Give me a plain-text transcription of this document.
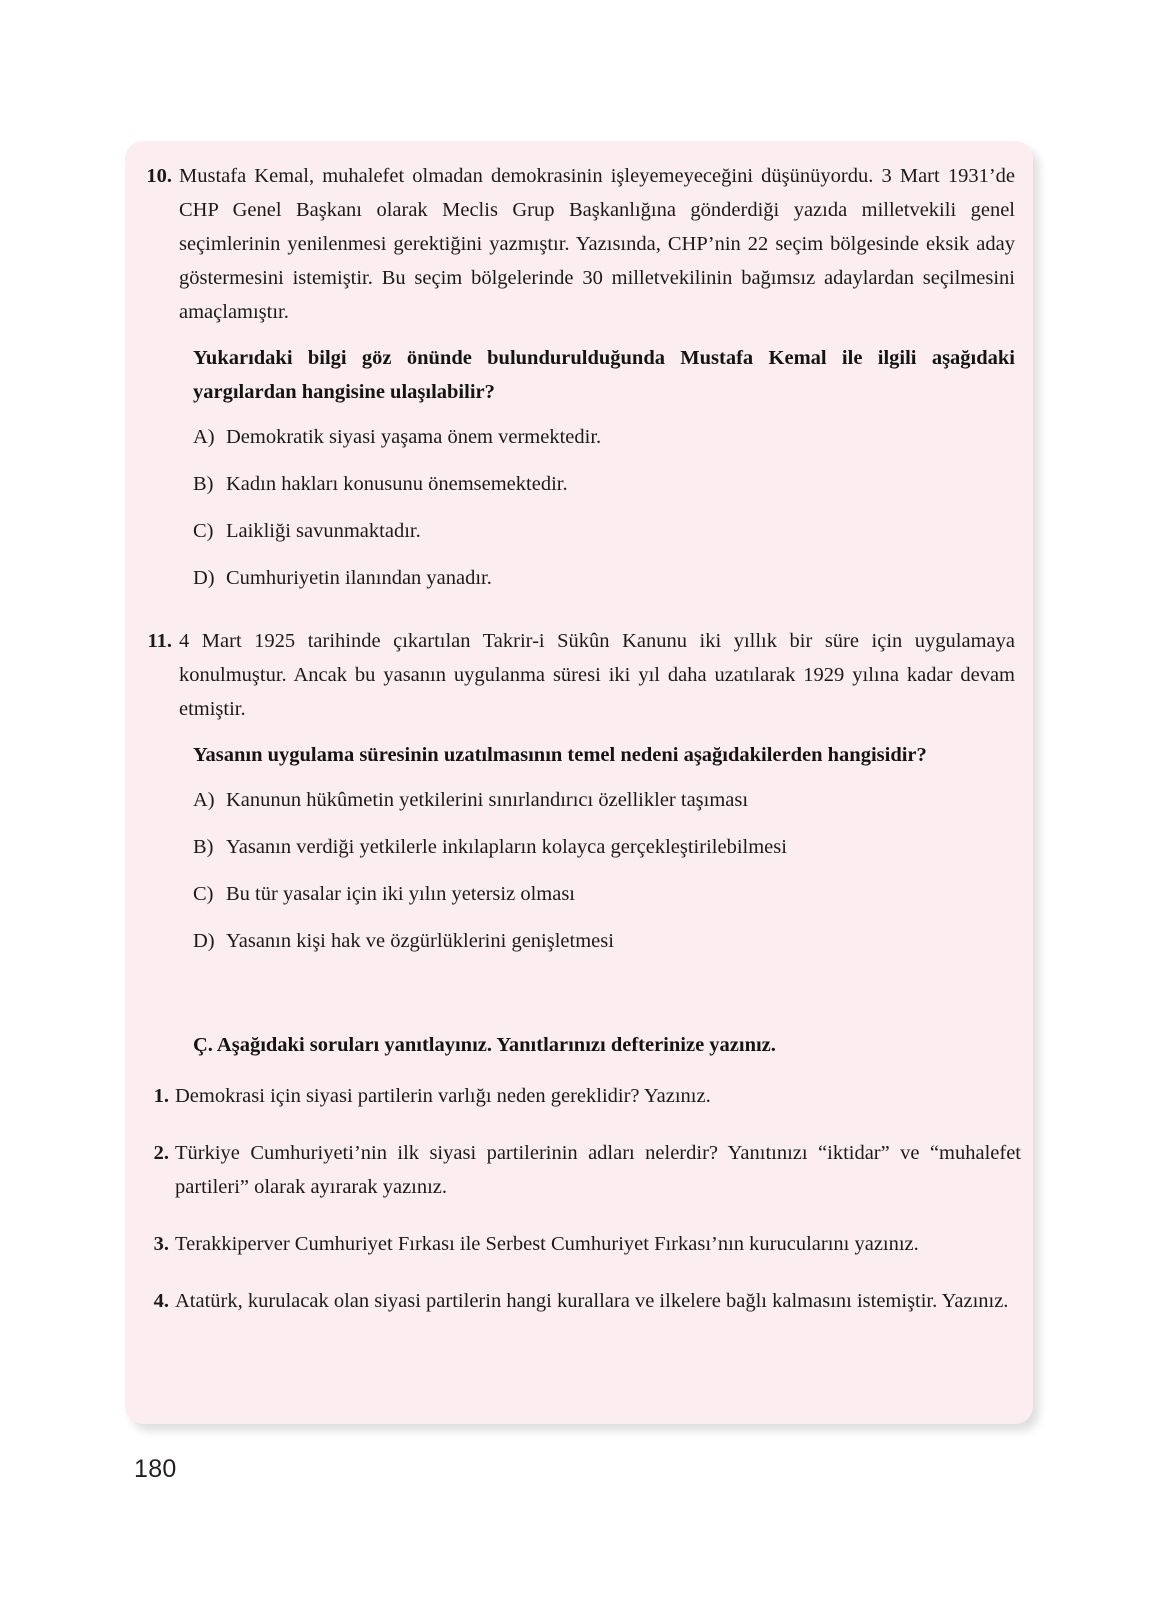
10. Mustafa Kemal, muhalefet olmadan demokrasinin işleyemeyeceğini düşünüyordu. 3 Mart 1931’de CHP Genel Başkanı olarak Meclis Grup Başkanlığına gönderdiği yazıda milletvekili genel seçimlerinin yenilenmesi gerektiğini yazmıştır. Yazısında, CHP’nin 22 seçim bölgesinde eksik aday göstermesini istemiştir. Bu seçim bölgelerinde 30 milletvekilinin bağımsız adaylardan seçilmesini amaçlamıştır.
Yukarıdaki bilgi göz önünde bulundurulduğunda Mustafa Kemal ile ilgili aşağıdaki yargılardan hangisine ulaşılabilir?
A) Demokratik siyasi yaşama önem vermektedir.
B) Kadın hakları konusunu önemsemektedir.
C) Laikliği savunmaktadır.
D) Cumhuriyetin ilanından yanadır.
11. 4 Mart 1925 tarihinde çıkartılan Takrir-i Sükûn Kanunu iki yıllık bir süre için uygulamaya konulmuştur. Ancak bu yasanın uygulanma süresi iki yıl daha uzatılarak 1929 yılına kadar devam etmiştir.
Yasanın uygulama süresinin uzatılmasının temel nedeni aşağıdakilerden hangisidir?
A) Kanunun hükûmetin yetkilerini sınırlandırıcı özellikler taşıması
B) Yasanın verdiği yetkilerle inkılapların kolayca gerçekleştirilebilmesi
C) Bu tür yasalar için iki yılın yetersiz olması
D) Yasanın kişi hak ve özgürlüklerini genişletmesi
Ç. Aşağıdaki soruları yanıtlayınız. Yanıtlarınızı defterinize yazınız.
1. Demokrasi için siyasi partilerin varlığı neden gereklidir? Yazınız.
2. Türkiye Cumhuriyeti’nin ilk siyasi partilerinin adları nelerdir? Yanıtınızı “iktidar” ve “muhalefet partileri” olarak ayırarak yazınız.
3. Terakkiperver Cumhuriyet Fırkası ile Serbest Cumhuriyet Fırkası’nın kurucularını yazınız.
4. Atatürk, kurulacak olan siyasi partilerin hangi kurallara ve ilkelere bağlı kalmasını istemiştir. Yazınız.
180
